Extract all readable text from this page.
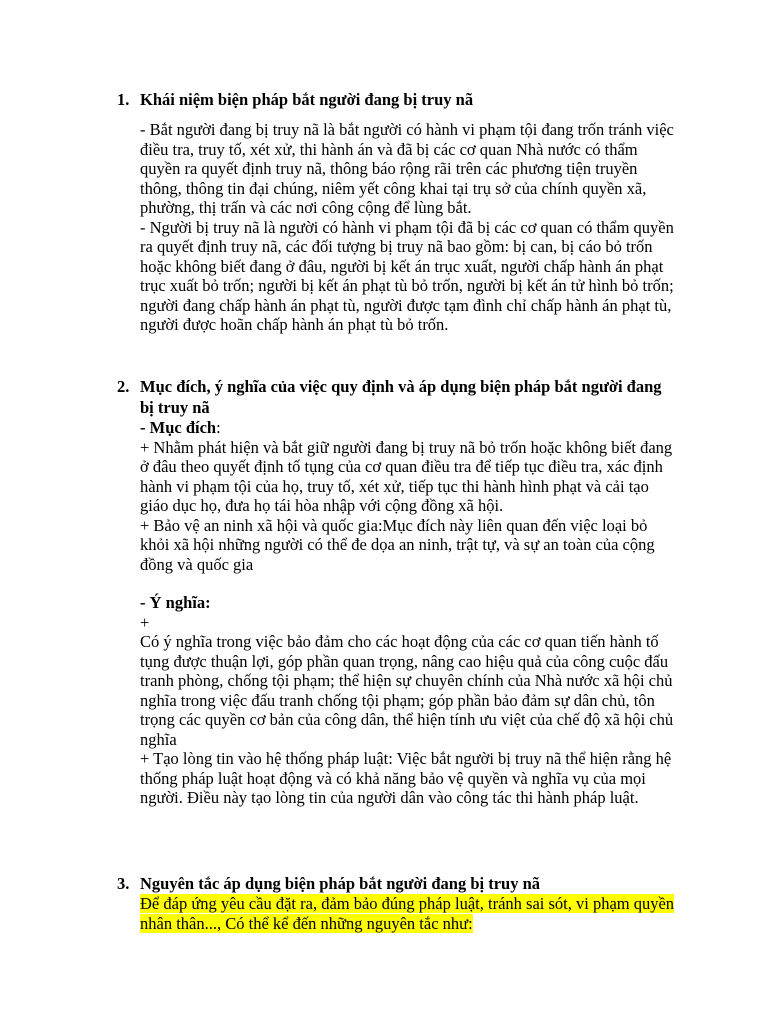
1. Khái niệm biện pháp bắt người đang bị truy nã

- Bắt người đang bị truy nã là bắt người có hành vi phạm tội đang trốn tránh việc điều tra, truy tố, xét xử, thi hành án và đã bị các cơ quan Nhà nước có thẩm quyền ra quyết định truy nã, thông báo rộng rãi trên các phương tiện truyền thông, thông tin đại chúng, niêm yết công khai tại trụ sở của chính quyền xã, phường, thị trấn và các nơi công cộng để lùng bắt.

- Người bị truy nã là người có hành vi phạm tội đã bị các cơ quan có thẩm quyền ra quyết định truy nã, các đối tượng bị truy nã bao gồm: bị can, bị cáo bỏ trốn hoặc không biết đang ở đâu, người bị kết án trục xuất, người chấp hành án phạt trục xuất bỏ trốn; người bị kết án phạt tù bỏ trốn, người bị kết án tử hình bỏ trốn; người đang chấp hành án phạt tù, người được tạm đình chỉ chấp hành án phạt tù, người được hoãn chấp hành án phạt tù bỏ trốn.

2. Mục đích, ý nghĩa của việc quy định và áp dụng biện pháp bắt người đang bị truy nã

- Mục đích:

+ Nhằm phát hiện và bắt giữ người đang bị truy nã bỏ trốn hoặc không biết đang ở đâu theo quyết định tố tụng của cơ quan điều tra để tiếp tục điều tra, xác định hành vi phạm tội của họ, truy tố, xét xử, tiếp tục thi hành hình phạt và cải tạo giáo dục họ, đưa họ tái hòa nhập với cộng đồng xã hội.

+ Bảo vệ an ninh xã hội và quốc gia:Mục đích này liên quan đến việc loại bỏ khỏi xã hội những người có thể đe dọa an ninh, trật tự, và sự an toàn của cộng đồng và quốc gia

- Ý nghĩa:

+

Có ý nghĩa trong việc bảo đảm cho các hoạt động của các cơ quan tiến hành tố tụng được thuận lợi, góp phần quan trọng, nâng cao hiệu quả của công cuộc đấu tranh phòng, chống tội phạm; thể hiện sự chuyên chính của Nhà nước xã hội chủ nghĩa trong việc đấu tranh chống tội phạm; góp phần bảo đảm sự dân chủ, tôn trọng các quyền cơ bản của công dân, thể hiện tính ưu việt của chế độ xã hội chủ nghĩa

+ Tạo lòng tin vào hệ thống pháp luật: Việc bắt người bị truy nã thể hiện rằng hệ thống pháp luật hoạt động và có khả năng bảo vệ quyền và nghĩa vụ của mọi người. Điều này tạo lòng tin của người dân vào công tác thi hành pháp luật.

3. Nguyên tắc áp dụng biện pháp bắt người đang bị truy nã

Để đáp ứng yêu cầu đặt ra, đảm bảo đúng pháp luật, tránh sai sót, vi phạm quyền nhân thân..., Có thể kể đến những nguyên tắc như:
